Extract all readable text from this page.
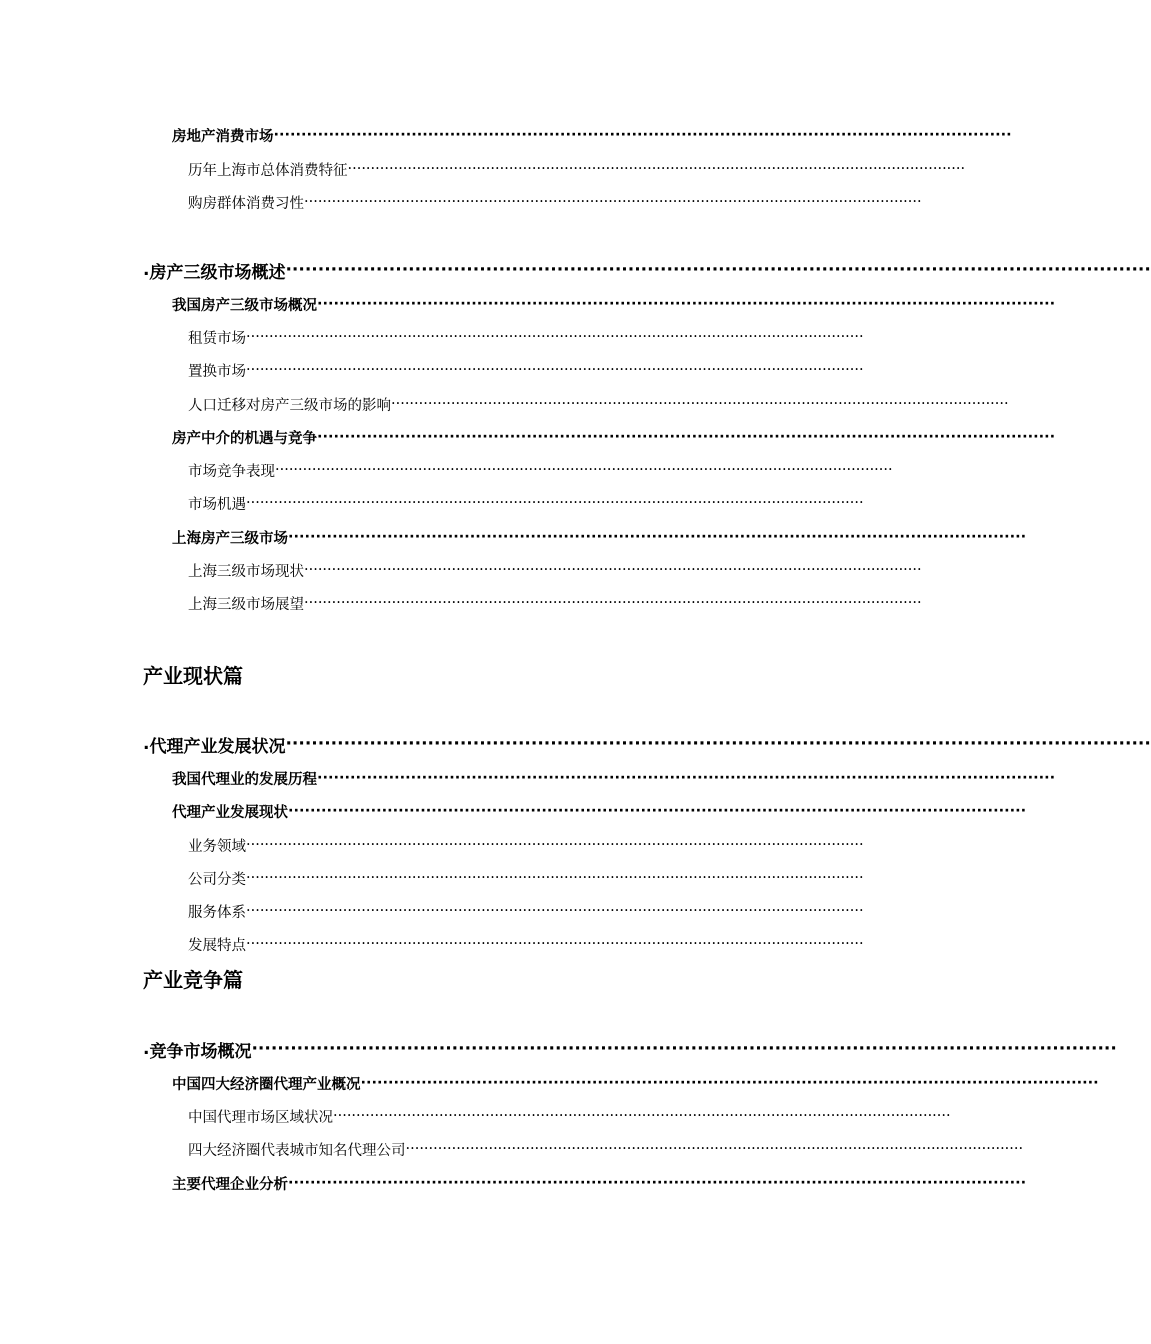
房地产消费市场 ······································································································································
历年上海市总体消费特征 ······································································································································
购房群体消费习性 ······································································································································
. 房产三级市场概述 ······································································································································
我国房产三级市场概况 ······································································································································
租赁市场 ······································································································································
置换市场 ······································································································································
人口迁移对房产三级市场的影响 ······································································································································
房产中介的机遇与竞争 ······································································································································
市场竞争表现 ······································································································································
市场机遇 ······································································································································
上海房产三级市场 ······································································································································
上海三级市场现状 ······································································································································
上海三级市场展望 ······································································································································
产业现状篇
. 代理产业发展状况 ······································································································································
我国代理业的发展历程 ······································································································································
代理产业发展现状 ······································································································································
业务领域 ······································································································································
公司分类 ······································································································································
服务体系 ······································································································································
发展特点 ······································································································································
产业竞争篇
. 竞争市场概况 ······································································································································
中国四大经济圈代理产业概况 ······································································································································
中国代理市场区域状况 ······································································································································
四大经济圈代表城市知名代理公司 ······································································································································
主要代理企业分析 ······································································································································
